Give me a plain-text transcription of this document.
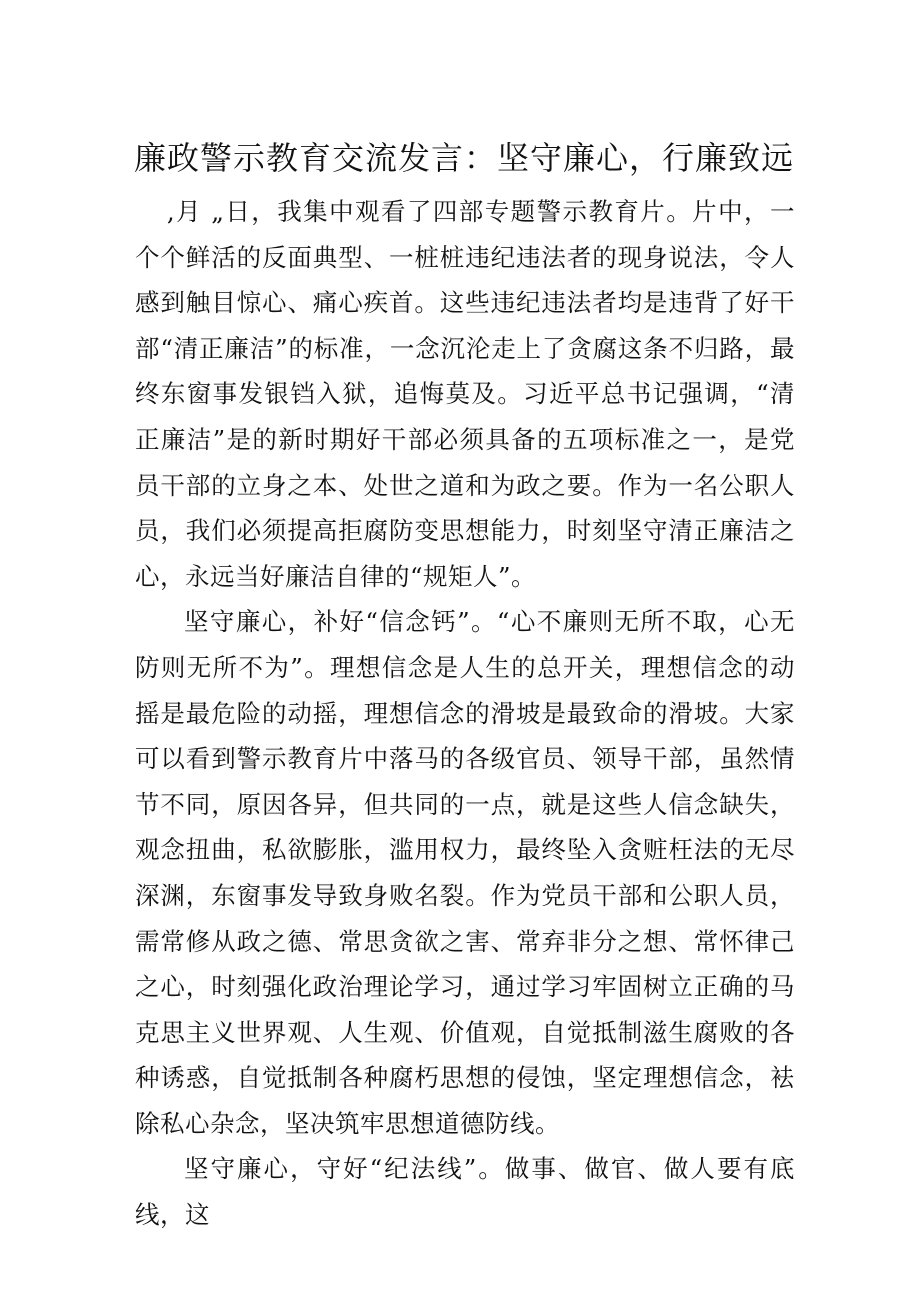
廉政警示教育交流发言：坚守廉心，行廉致远

,月 „日，我集中观看了四部专题警示教育片。片中，一个个鲜活的反面典型、一桩桩违纪违法者的现身说法，令人感到触目惊心、痛心疾首。这些违纪违法者均是违背了好干部“清正廉洁”的标准，一念沉沦走上了贪腐这条不归路，最终东窗事发银铛入狱，追悔莫及。习近平总书记强调，“清正廉洁”是的新时期好干部必须具备的五项标准之一，是党员干部的立身之本、处世之道和为政之要。作为一名公职人员，我们必须提高拒腐防变思想能力，时刻坚守清正廉洁之心，永远当好廉洁自律的“规矩人”。

坚守廉心，补好“信念钙”。“心不廉则无所不取，心无防则无所不为”。理想信念是人生的总开关，理想信念的动摇是最危险的动摇，理想信念的滑坡是最致命的滑坡。大家可以看到警示教育片中落马的各级官员、领导干部，虽然情节不同，原因各异，但共同的一点，就是这些人信念缺失，观念扭曲，私欲膨胀，滥用权力，最终坠入贪赃枉法的无尽深渊，东窗事发导致身败名裂。作为党员干部和公职人员，需常修从政之德、常思贪欲之害、常弃非分之想、常怀律己之心，时刻强化政治理论学习，通过学习牢固树立正确的马克思主义世界观、人生观、价值观，自觉抵制滋生腐败的各种诱惑，自觉抵制各种腐朽思想的侵蚀，坚定理想信念，袪除私心杂念，坚决筑牢思想道德防线。

坚守廉心，守好“纪法线”。做事、做官、做人要有底线，这
